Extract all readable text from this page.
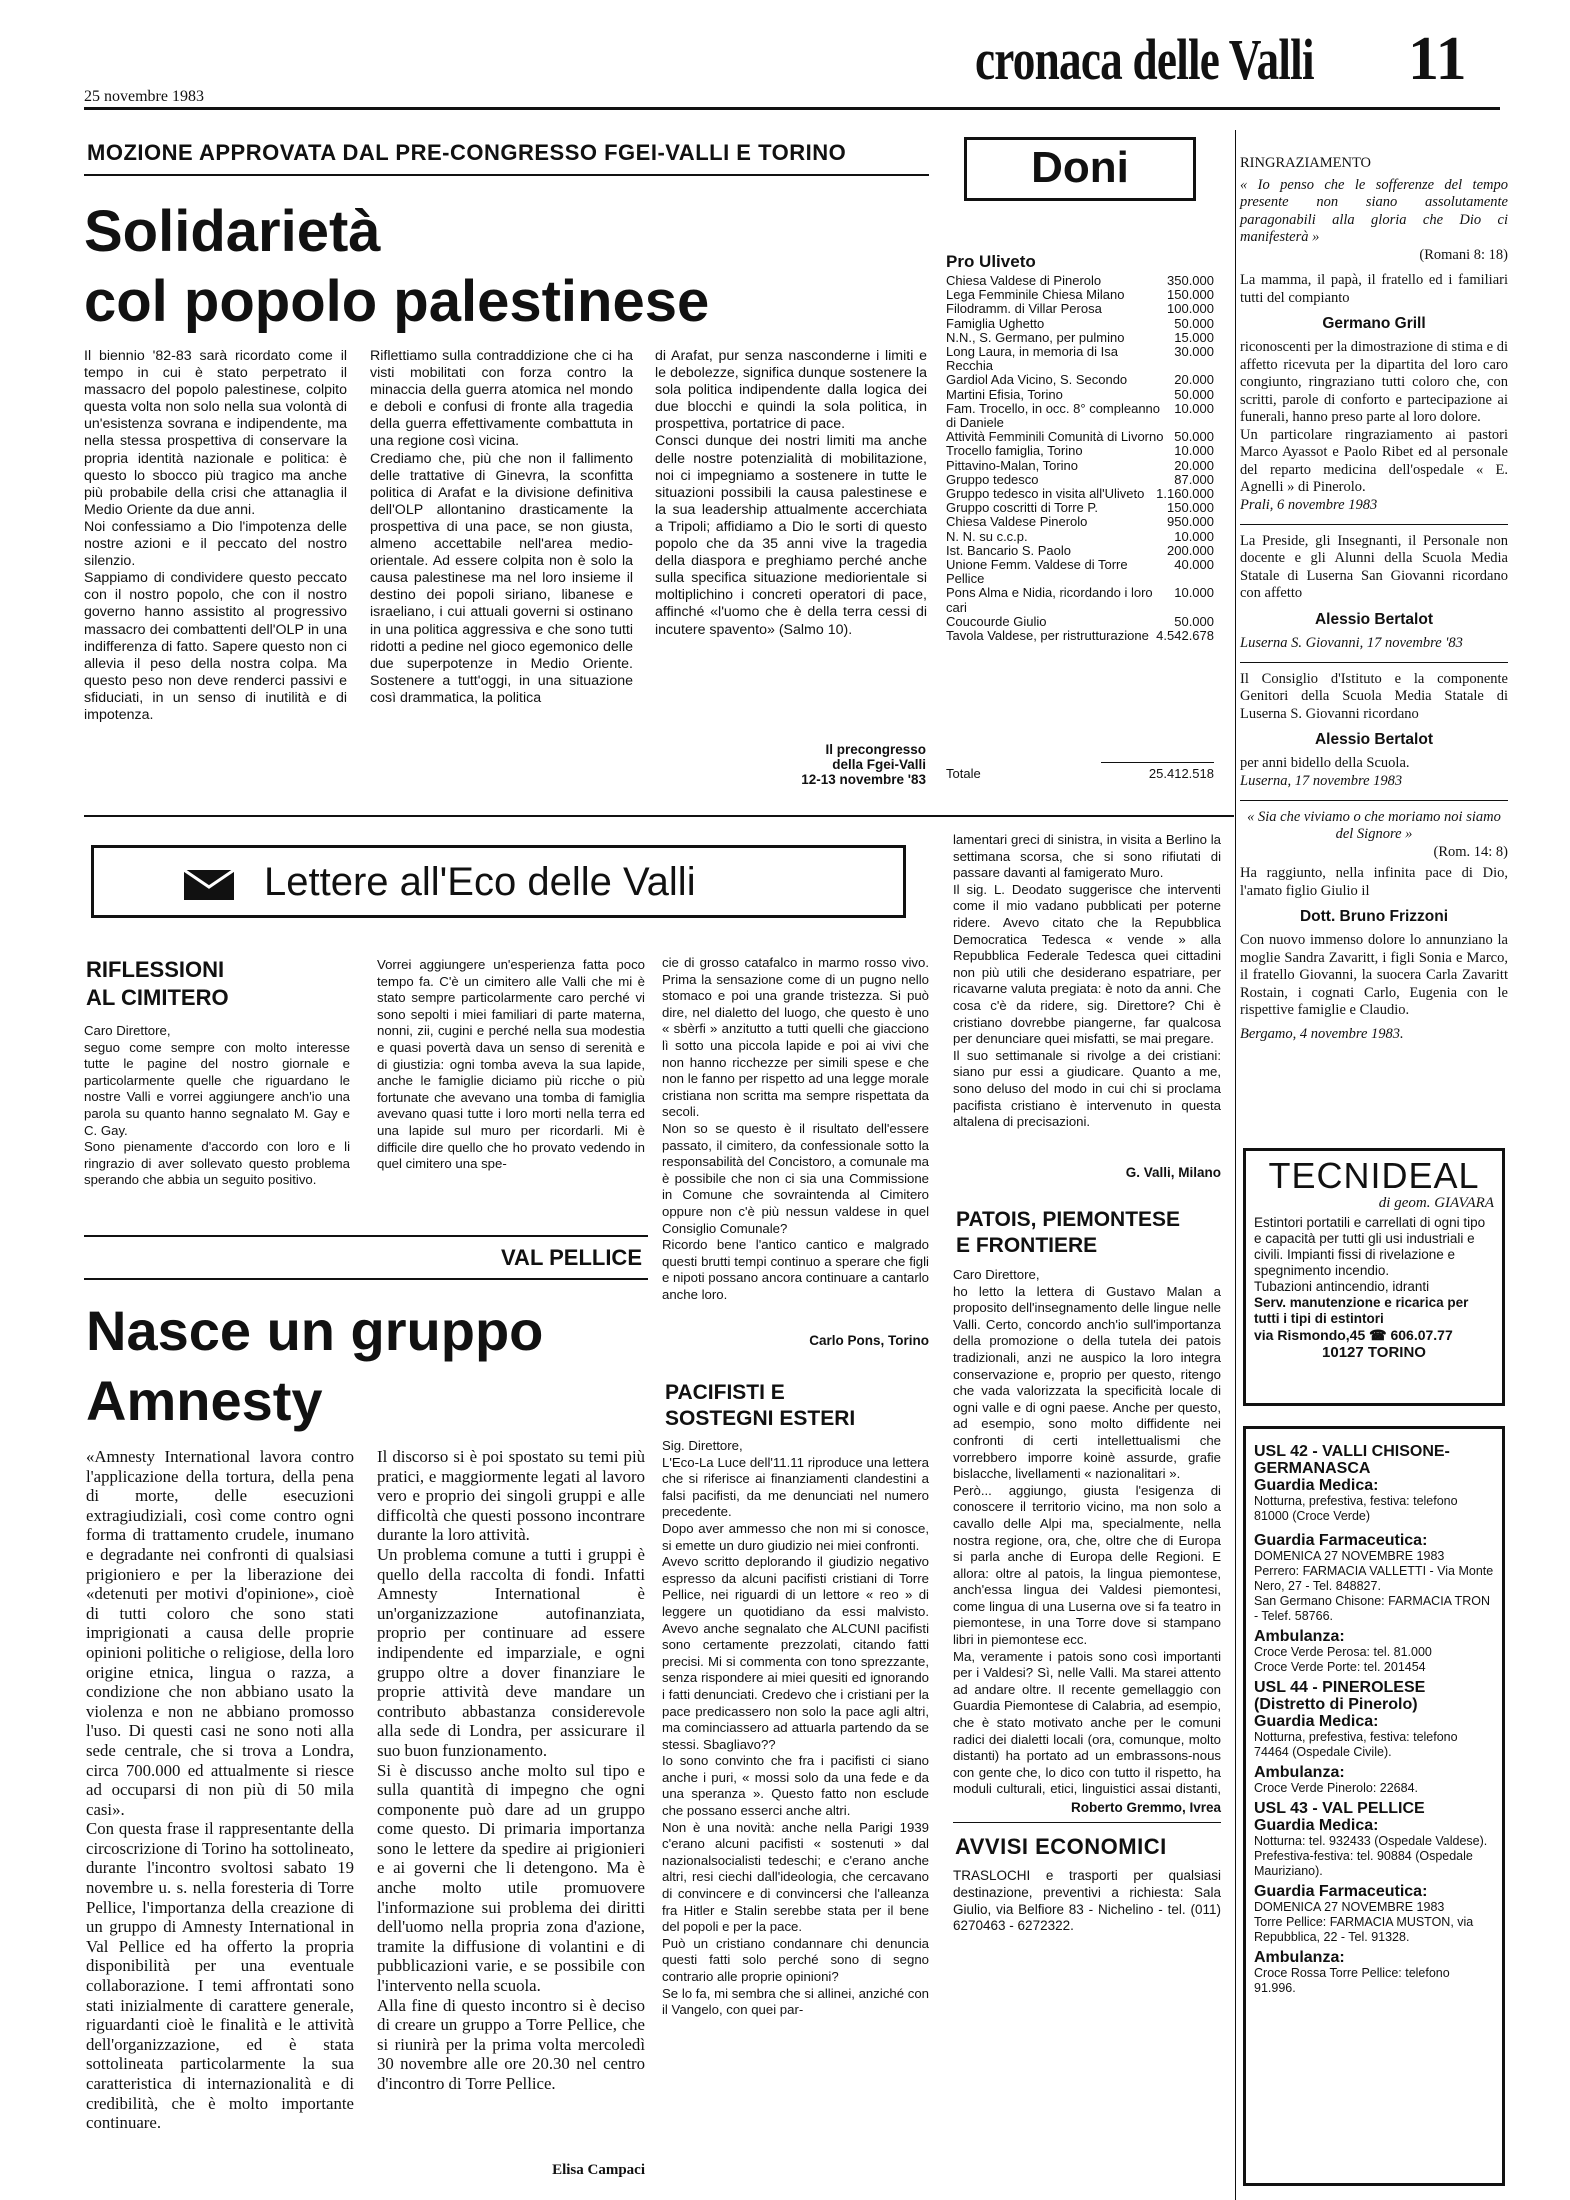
cronaca delle Valli 11
25 novembre 1983
MOZIONE APPROVATA DAL PRE-CONGRESSO FGEI-VALLI E TORINO
Solidarietà
col popolo palestinese

Il biennio '82-83 sarà ricordato come il tempo in cui è stato perpetrato il massacro del popolo palestinese, colpito questa volta non solo nella sua volontà di un'esistenza sovrana e indipendente, ma nella stessa prospettiva di conservare la propria identità nazionale e politica: è questo lo sbocco più tragico ma anche più probabile della crisi che attanaglia il Medio Oriente da due anni.
Noi confessiamo a Dio l'impotenza delle nostre azioni e il peccato del nostro silenzio.
Sappiamo di condividere questo peccato con il nostro popolo, che con il nostro governo hanno assistito al progressivo massacro dei combattenti dell'OLP in una indifferenza di fatto. Sapere questo non ci allevia il peso della nostra colpa. Ma questo peso non deve renderci passivi e sfiduciati, in un senso di inutilità e di impotenza.

Riflettiamo sulla contraddizione che ci ha visti mobilitati con forza contro la minaccia della guerra atomica nel mondo e deboli e confusi di fronte alla tragedia della guerra effettivamente combattuta in una regione così vicina.
Crediamo che, più che non il fallimento delle trattative di Ginevra, la sconfitta politica di Arafat e la divisione definitiva dell'OLP allontanino drasticamente la prospettiva di una pace, se non giusta, almeno accettabile nell'area medio-orientale. Ad essere colpita non è solo la causa palestinese ma nel loro insieme il destino dei popoli siriano, libanese e israeliano, i cui attuali governi si ostinano in una politica aggressiva e che sono tutti ridotti a pedine nel gioco egemonico delle due superpotenze in Medio Oriente. Sostenere a tutt'oggi, in una situazione così drammatica, la politica

di Arafat, pur senza nasconderne i limiti e le debolezze, significa dunque sostenere la sola politica indipendente dalla logica dei due blocchi e quindi la sola politica, in prospettiva, portatrice di pace.
Consci dunque dei nostri limiti ma anche delle nostre potenzialità di mobilitazione, noi ci impegniamo a sostenere in tutte le situazioni possibili la causa palestinese e la sua leadership attualmente accerchiata a Tripoli; affidiamo a Dio le sorti di questo popolo che da 35 anni vive la tragedia della diaspora e preghiamo perché anche sulla specifica situazione mediorientale si moltiplichino i concreti operatori di pace, affinché «l'uomo che è della terra cessi di incutere spavento» (Salmo 10).

Il precongresso
della Fgei-Valli
12-13 novembre '83
Doni
Pro Uliveto
Chiesa Valdese di Pinerolo	350.000
Lega Femminile Chiesa Milano	150.000
Filodramm. di Villar Perosa	100.000
Famiglia Ughetto	50.000
N.N., S. Germano, per pulmino	15.000
Long Laura, in memoria di Isa Recchia
30.000
Gardiol Ada Vicino, S. Secondo	20.000
Martini Efisia, Torino	50.000
Fam. Trocello, in occ. 8° compleanno di Daniele
10.000
Attività Femminili Comunità di Livorno 50.000
Trocello famiglia, Torino	10.000
Pittavino-Malan, Torino	20.000
Gruppo tedesco	87.000
Gruppo tedesco in visita all'Uliveto 1.160.000
Gruppo coscritti di Torre P.	150.000
Chiesa Valdese Pinerolo	950.000
N. N. su c.c.p.	10.000
Ist. Bancario S. Paolo	200.000
Unione Femm. Valdese di Torre Pellice
40.000
Pons Alma e Nidia, ricordando i loro cari
10.000
Coucourde Giulio	50.000
Tavola Valdese, per ristrutturazione 4.542.678
Totale	25.412.518
RINGRAZIAMENTO
« Io penso che le sofferenze del tempo presente non siano assolutamente paragonabili alla gloria che Dio ci manifesterà »
(Romani 8: 18)
La mamma, il papà, il fratello ed i familiari tutti del compianto
Germano Grill
riconoscenti per la dimostrazione di stima e di affetto ricevuta per la dipartita del loro caro congiunto, ringraziano tutti coloro che, con scritti, parole di conforto e partecipazione ai funerali, hanno preso parte al loro dolore.
Un particolare ringraziamento ai pastori Marco Ayassot e Paolo Ribet ed al personale del reparto medicina dell'ospedale « E. Agnelli » di Pinerolo.
Prali, 6 novembre 1983
La Preside, gli Insegnanti, il Personale non docente e gli Alunni della Scuola Media Statale di Luserna San Giovanni ricordano con affetto
Alessio Bertalot
Luserna S. Giovanni, 17 novembre '83
Il Consiglio d'Istituto e la componente Genitori della Scuola Media Statale di Luserna S. Giovanni ricordano
Alessio Bertalot
per anni bidello della Scuola.
Luserna, 17 novembre 1983
« Sia che viviamo o che moriamo noi siamo del Signore »
(Rom. 14: 8)
Ha raggiunto, nella infinita pace di Dio, l'amato figlio Giulio il
Dott. Bruno Frizzoni
Con nuovo immenso dolore lo annunziano la moglie Sandra Zavaritt, i figli Sonia e Marco, il fratello Giovanni, la suocera Carla Zavaritt Rostain, i cognati Carlo, Eugenia con le rispettive famiglie e Claudio.
Bergamo, 4 novembre 1983.
TECNIDEAL
di geom. GIAVARA
Estintori portatili e carrellati di ogni tipo e capacità per tutti gli usi industriali e civili. Impianti fissi di rivelazione e spegnimento incendio.
Tubazioni antincendio, idranti
Serv. manutenzione e ricarica per tutti i tipi di estintori
via Rismondo,45 ☎ 606.07.77
10127 TORINO
USL 42 - VALLI CHISONE-GERMANASCA
Guardia Medica:
Notturna, prefestiva, festiva: telefono 81000 (Croce Verde)
Guardia Farmaceutica:
DOMENICA 27 NOVEMBRE 1983
Perrero: FARMACIA VALLETTI - Via Monte Nero, 27 - Tel. 848827.
San Germano Chisone: FARMACIA TRON - Telef. 58766.
Ambulanza:
Croce Verde Perosa: tel. 81.000
Croce Verde Porte: tel. 201454
USL 44 - PINEROLESE (Distretto di Pinerolo)
Guardia Medica:
Notturna, prefestiva, festiva: telefono 74464 (Ospedale Civile).
Ambulanza:
Croce Verde Pinerolo: 22684.
USL 43 - VAL PELLICE
Guardia Medica:
Notturna: tel. 932433 (Ospedale Valdese).
Prefestiva-festiva: tel. 90884 (Ospedale Mauriziano).
Guardia Farmaceutica:
DOMENICA 27 NOVEMBRE 1983
Torre Pellice: FARMACIA MUSTON, via Repubblica, 22 - Tel. 91328.
Ambulanza:
Croce Rossa Torre Pellice: telefono 91.996.
Lettere all'Eco delle Valli
RIFLESSIONI
AL CIMITERO

Caro Direttore,
seguo come sempre con molto interesse tutte le pagine del nostro giornale e particolarmente quelle che riguardano le nostre Valli e vorrei aggiungere anch'io una parola su quanto hanno segnalato M. Gay e C. Gay.
Sono pienamente d'accordo con loro e li ringrazio di aver sollevato questo problema sperando che abbia un seguito positivo.

Vorrei aggiungere un'esperienza fatta poco tempo fa. C'è un cimitero alle Valli che mi è stato sempre particolarmente caro perché vi sono sepolti i miei familiari di parte materna, nonni, zii, cugini e perché nella sua modestia e quasi povertà dava un senso di serenità e di giustizia: ogni tomba aveva la sua lapide, anche le famiglie diciamo più ricche o più fortunate che avevano una tomba di famiglia avevano quasi tutte i loro morti nella terra ed una lapide sul muro per ricordarli. Mi è difficile dire quello che ho provato vedendo in quel cimitero una spe-

cie di grosso catafalco in marmo rosso vivo. Prima la sensazione come di un pugno nello stomaco e poi una grande tristezza. Si può dire, nel dialetto del luogo, che questo è uno « sbèrfi » anzitutto a tutti quelli che giacciono lì sotto una piccola lapide e poi ai vivi che non hanno ricchezze per simili spese e che non le fanno per rispetto ad una legge morale cristiana non scritta ma sempre rispettata da secoli.
Non so se questo è il risultato dell'essere passato, il cimitero, da confessionale sotto la responsabilità del Concistoro, a comunale ma è possibile che non ci sia una Commissione in Comune che sovraintenda al Cimitero oppure non c'è più nessun valdese in quel Consiglio Comunale?
Ricordo bene l'antico cantico e malgrado questi brutti tempi continuo a sperare che figli e nipoti possano ancora continuare a cantarlo anche loro.

Carlo Pons, Torino

lamentari greci di sinistra, in visita a Berlino la settimana scorsa, che si sono rifiutati di passare davanti al famigerato Muro.
Il sig. L. Deodato suggerisce che interventi come il mio vadano pubblicati per poterne ridere. Avevo citato che la Repubblica Democratica Tedesca « vende » alla Repubblica Federale Tedesca quei cittadini non più utili che desiderano espatriare, per ricavarne valuta pregiata: è noto da anni. Che cosa c'è da ridere, sig. Direttore? Chi è cristiano dovrebbe piangerne, far qualcosa per denunciare quei misfatti, se mai pregare.
Il suo settimanale si rivolge a dei cristiani: siano pur essi a giudicare. Quanto a me, sono deluso del modo in cui chi si proclama pacifista cristiano è intervenuto in questa altalena di precisazioni.

G. Valli, Milano
VAL PELLICE
Nasce un gruppo
Amnesty

«Amnesty International lavora contro l'applicazione della tortura, della pena di morte, delle esecuzioni extragiudiziali, così come contro ogni forma di trattamento crudele, inumano e degradante nei confronti di qualsiasi prigioniero e per la liberazione dei «detenuti per motivi d'opinione», cioè di tutti coloro che sono stati imprigionati a causa delle proprie opinioni politiche o religiose, della loro origine etnica, lingua o razza, a condizione che non abbiano usato la violenza e non ne abbiano promosso l'uso. Di questi casi ne sono noti alla sede centrale, che si trova a Londra, circa 700.000 ed attualmente si riesce ad occuparsi di non più di 50 mila casi».
Con questa frase il rappresentante della circoscrizione di Torino ha sottolineato, durante l'incontro svoltosi sabato 19 novembre u. s. nella foresteria di Torre Pellice, l'importanza della creazione di un gruppo di Amnesty International in Val Pellice ed ha offerto la propria disponibilità per una eventuale collaborazione. I temi affrontati sono stati inizialmente di carattere generale, riguardanti cioè le finalità e le attività dell'organizzazione, ed è stata sottolineata particolarmente la sua caratteristica di internazionalità e di credibilità, che è molto importante continuare.

Il discorso si è poi spostato su temi più pratici, e maggiormente legati al lavoro vero e proprio dei singoli gruppi e alle difficoltà che questi possono incontrare durante la loro attività.
Un problema comune a tutti i gruppi è quello della raccolta di fondi. Infatti Amnesty International è un'organizzazione autofinanziata, proprio per continuare ad essere indipendente ed imparziale, e ogni gruppo oltre a dover finanziare le proprie attività deve mandare un contributo abbastanza considerevole alla sede di Londra, per assicurare il suo buon funzionamento.
Si è discusso anche molto sul tipo e sulla quantità di impegno che ogni componente può dare ad un gruppo come questo. Di primaria importanza sono le lettere da spedire ai prigionieri e ai governi che li detengono. Ma è anche molto utile promuovere l'informazione sui problema dei diritti dell'uomo nella propria zona d'azione, tramite la diffusione di volantini e di pubblicazioni varie, e se possibile con l'intervento nella scuola.
Alla fine di questo incontro si è deciso di creare un gruppo a Torre Pellice, che si riunirà per la prima volta mercoledì 30 novembre alle ore 20.30 nel centro d'incontro di Torre Pellice.

Elisa Campaci
PACIFISTI E
SOSTEGNI ESTERI

Sig. Direttore,
L'Eco-La Luce dell'11.11 riproduce una lettera che si riferisce ai finanziamenti clandestini a falsi pacifisti, da me denunciati nel numero precedente.
Dopo aver ammesso che non mi si conosce, si emette un duro giudizio nei miei confronti.
Avevo scritto deplorando il giudizio negativo espresso da alcuni pacifisti cristiani di Torre Pellice, nei riguardi di un lettore « reo » di leggere un quotidiano da essi malvisto. Avevo anche segnalato che ALCUNI pacifisti sono certamente prezzolati, citando fatti precisi. Mi si commenta con tono sprezzante, senza rispondere ai miei quesiti ed ignorando i fatti denunciati. Credevo che i cristiani per la pace predicassero non solo la pace agli altri, ma cominciassero ad attuarla partendo da se stessi. Sbagliavo??
Io sono convinto che fra i pacifisti ci siano anche i puri, « mossi solo da una fede e da una speranza ». Questo fatto non esclude che possano esserci anche altri.
Non è una novità: anche nella Parigi 1939 c'erano alcuni pacifisti « sostenuti » dal nazionalsocialisti tedeschi; e c'erano anche altri, resi ciechi dall'ideologia, che cercavano di convincere e di convincersi che l'alleanza fra Hitler e Stalin serebbe stata per il bene del popoli e per la pace.
Può un cristiano condannare chi denuncia questi fatti solo perché sono di segno contrario alle proprie opinioni?
Se lo fa, mi sembra che si allinei, anziché con il Vangelo, con quei par-

PATOIS, PIEMONTESE
E FRONTIERE

Caro Direttore,
ho letto la lettera di Gustavo Malan a proposito dell'insegnamento delle lingue nelle Valli. Certo, concordo anch'io sull'importanza della promozione o della tutela dei patois tradizionali, anzi ne auspico la loro integra conservazione e, proprio per questo, ritengo che vada valorizzata la specificità locale di ogni valle e di ogni paese. Anche per questo, ad esempio, sono molto diffidente nei confronti di certi intellettualismi che vorrebbero imporre koinè assurde, grafie bislacche, livellamenti « nazionalitari ».
Però... aggiungo, giusta l'esigenza di conoscere il territorio vicino, ma non solo a cavallo delle Alpi ma, specialmente, nella nostra regione, ora, che, oltre che di Europa si parla anche di Europa delle Regioni. E allora: oltre al patois, la lingua piemontese, anch'essa lingua dei Valdesi piemontesi, come lingua di una Luserna ove si fa teatro in piemontese, in una Torre dove si stampano libri in piemontese ecc.
Ma, veramente i patois sono così importanti per i Valdesi? Sì, nelle Valli. Ma starei attento ad andare oltre. Il recente gemellaggio con Guardia Piemontese di Calabria, ad esempio, che è stato motivato anche per le comuni radici dei dialetti locali (ora, comunque, molto distanti) ha portato ad un embrassons-nous con gente che, lo dico con tutto il rispetto, ha moduli culturali, etici, linguistici assai distanti,

Roberto Gremmo, Ivrea
AVVISI ECONOMICI

TRASLOCHI e trasporti per qualsiasi destinazione, preventivi a richiesta: Sala Giulio, via Belfiore 83 - Nichelino - tel. (011) 6270463 - 6272322.
